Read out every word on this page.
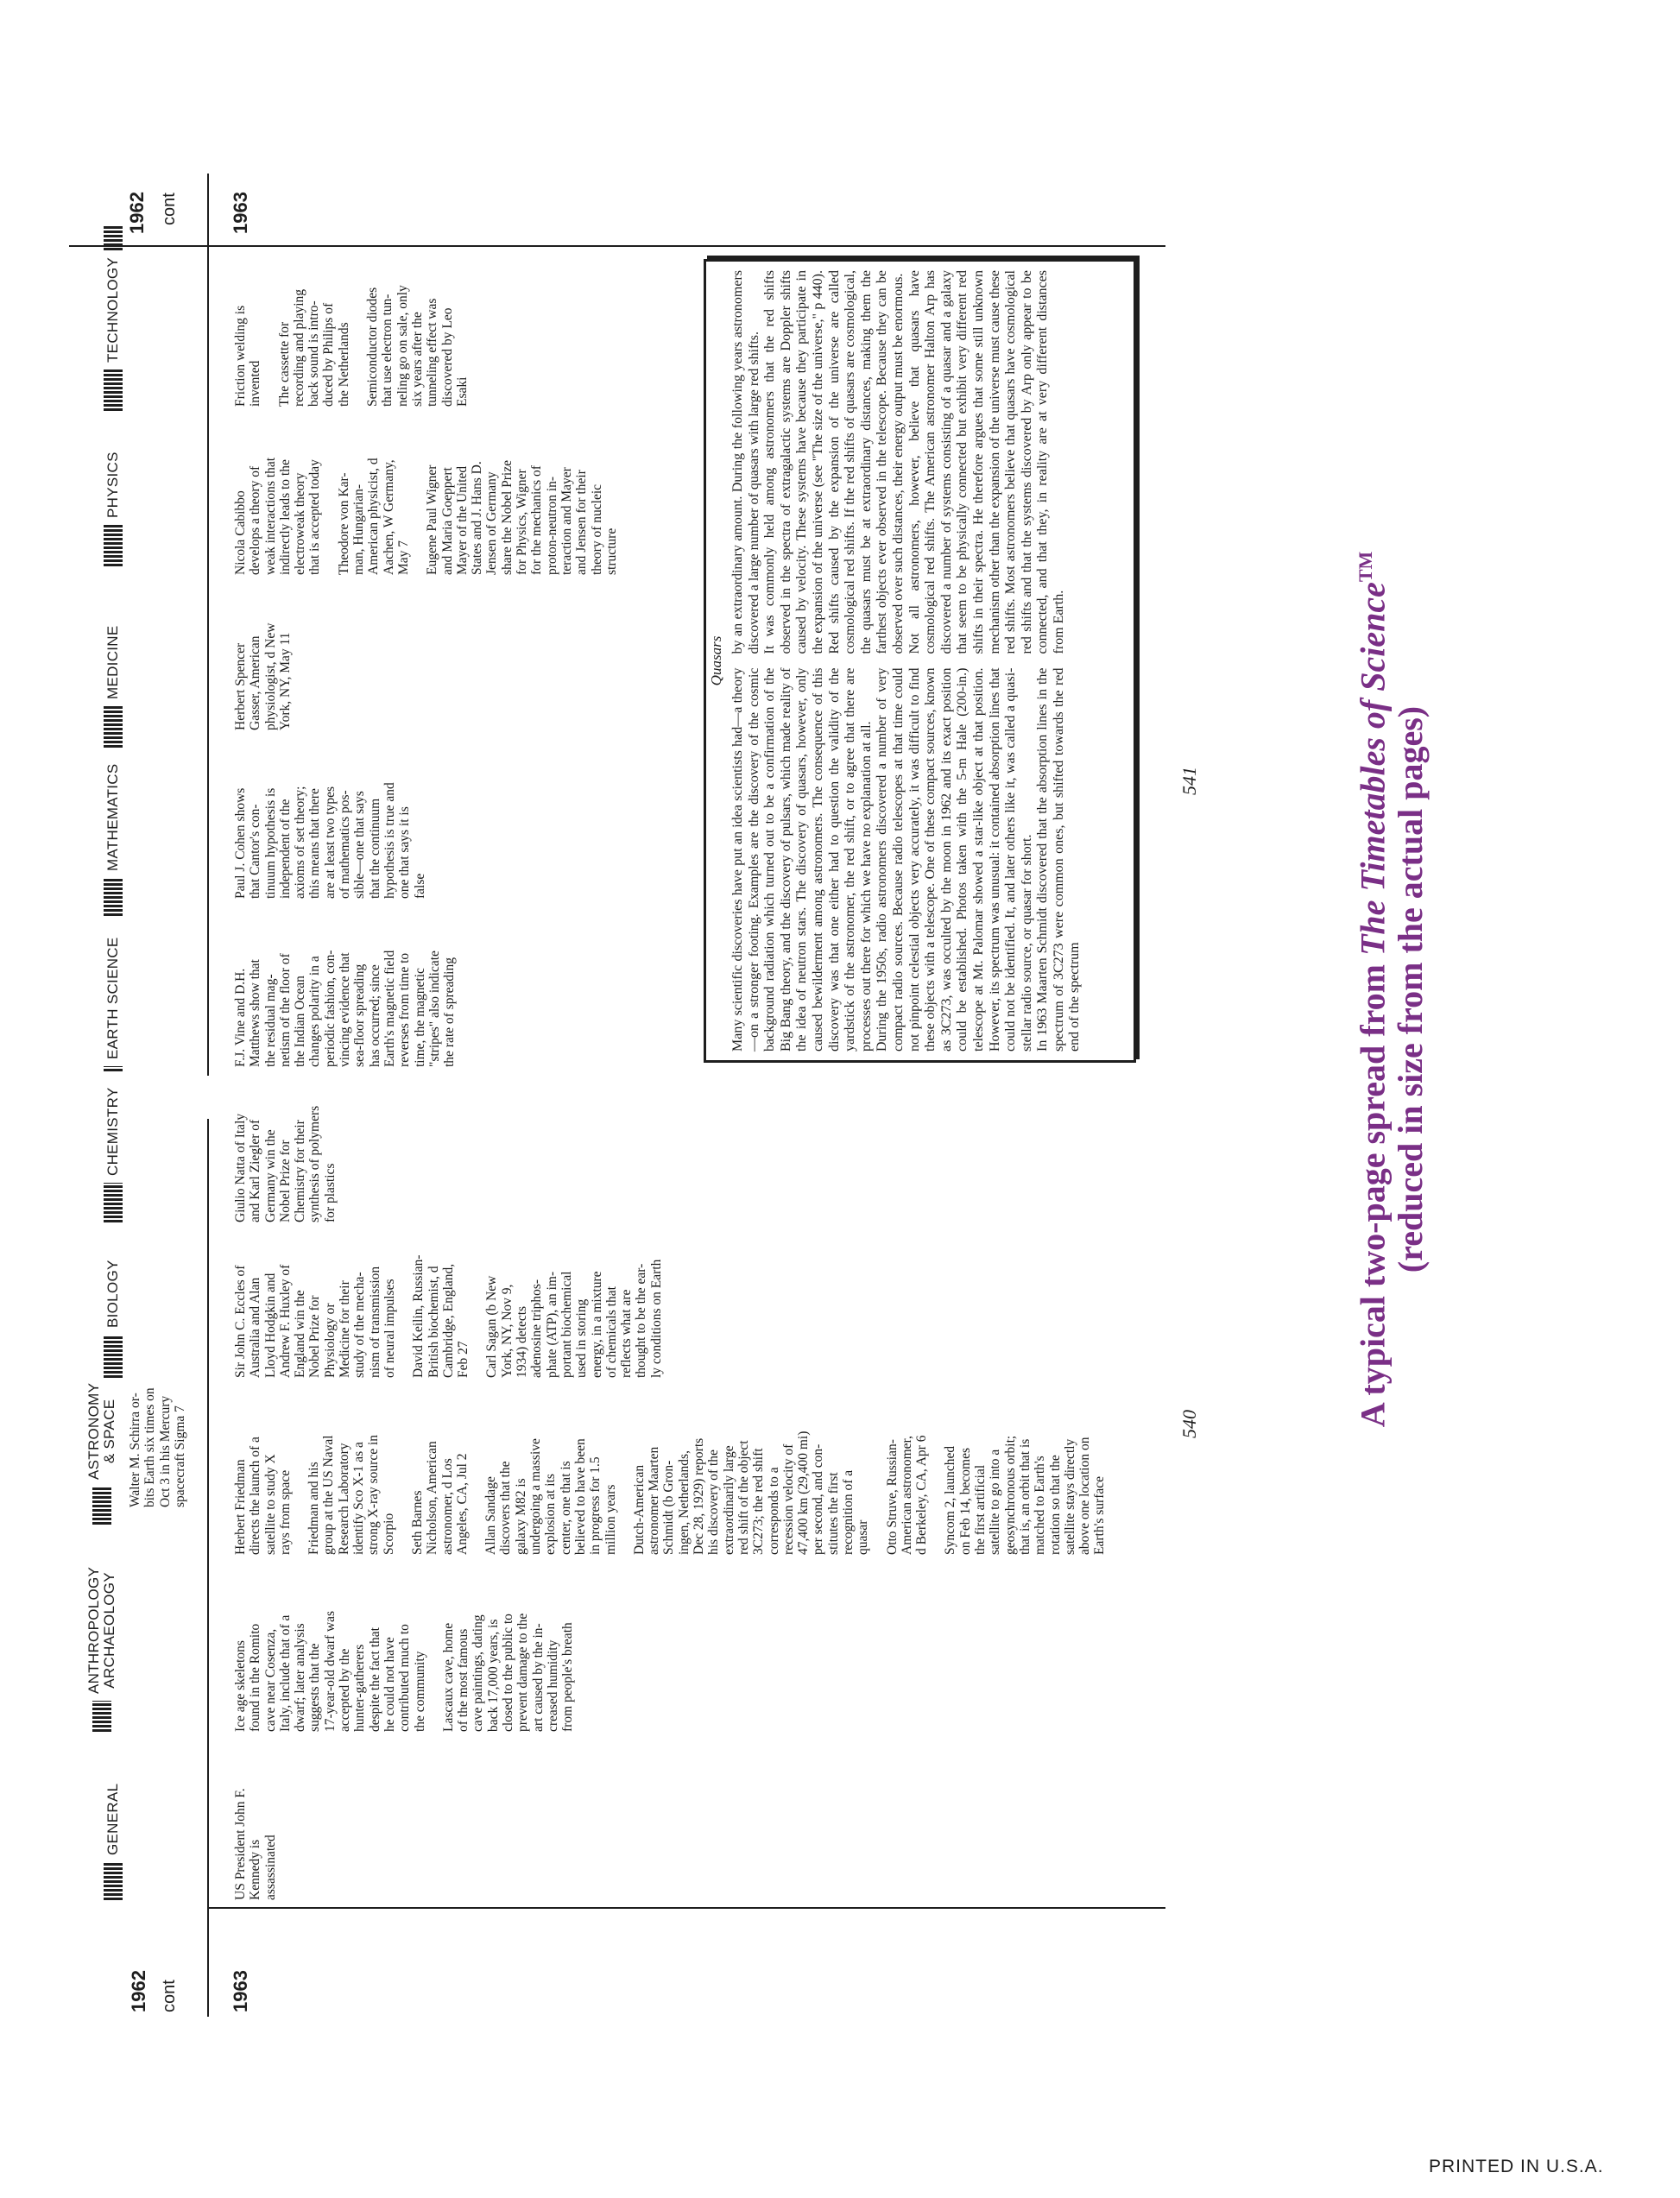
1962 cont	1963
GENERAL
ANTHROPOLOGY
ARCHAEOLOGY
ASTRONOMY
& SPACE
BIOLOGY
CHEMISTRY

Walter M. Schirra or-
bits Earth six times on
Oct 3 in his Mercury
spacecraft Sigma 7

US President John F.
Kennedy is
assassinated

Ice age skeletons
found in the Romito
cave near Cosenza,
Italy, include that of a
dwarf; later analysis
suggests that the
17-year-old dwarf was
accepted by the
hunter-gatherers
despite the fact that
he could not have
contributed much to
the community Lascaux cave, home
of the most famous
cave paintings, dating
back 17,000 years, is
closed to the public to
prevent damage to the
art caused by the in-
creased humidity
from people's breath

Herbert Friedman
directs the launch of a
satellite to study X
rays from space

Friedman and his
group at the US Naval
Research Laboratory
identify Sco X-1 as a
strong X-ray source in
Scorpio Seth Barnes
Nicholson, American
astronomer, d Los
Angeles, CA, Jul 2

Allan Sandage
discovers that the
galaxy M82 is
undergoing a massive
explosion at its
center, one that is
believed to have been
in progress for 1.5
million years Dutch-American
astronomer Maarten
Schmidt (b Gron-
ingen, Netherlands,
Dec 28, 1929) reports
his discovery of the
extraordinarily large
red shift of the object
3C273; the red shift
corresponds to a
recession velocity of
47,400 km (29,400 mi)
per second, and con-
stitutes the first
recognition of a
quasar Otto Struve, Russian-
American astronomer,
d Berkeley, CA, Apr 6

Syncom 2, launched
on Feb 14, becomes
the first artificial
satellite to go into a
geosynchronous orbit;
that is, an orbit that is
matched to Earth's
rotation so that the
satellite stays directly
above one location on
Earth's surface

Sir John C. Eccles of
Australia and Alan
Lloyd Hodgkin and
Andrew F. Huxley of
England win the
Nobel Prize for
Physiology or
Medicine for their
study of the mecha-
nism of transmission
of neural impulses

David Keilin, Russian-
British biochemist, d
Cambridge, England,
Feb 27

Carl Sagan (b New
York, NY, Nov 9,
1934) detects
adenosine triphos-
phate (ATP), an im-
portant biochemical
used in storing
energy, in a mixture
of chemicals that
reflects what are
thought to be the ear-
ly conditions on Earth

Giulio Natta of Italy
and Karl Ziegler of
Germany win the
Nobel Prize for
Chemistry for their
synthesis of polymers
for plastics

540
EARTH SCIENCE
MATHEMATICS
MEDICINE
PHYSICS
TECHNOLOGY
1962 cont	1963

F.J. Vine and D.H.
Matthews show that
the residual mag-
netism of the floor of
the Indian Ocean
changes polarity in a
periodic fashion, con-
vincing evidence that
sea-floor spreading
has occurred; since
Earth's magnetic field
reverses from time to
time, the magnetic
"stripes" also indicate
the rate of spreading

Paul J. Cohen shows
that Cantor's con-
tinuum hypothesis is
independent of the
axioms of set theory;
this means that there
are at least two types
of mathematics pos-
sible—one that says
that the continuum
hypothesis is true and
one that says it is
false

Herbert Spencer
Gasser, American
physiologist, d New
York, NY, May 11

Nicola Cabibbo
develops a theory of
weak interactions that
indirectly leads to the
electroweak theory
that is accepted today

Theodore von Kar-
man, Hungarian-
American physicist, d
Aachen, W Germany,
May 7 Eugene Paul Wigner
and Maria Goeppert
Mayer of the United
States and J. Hans D.
Jensen of Germany
share the Nobel Prize
for Physics, Wigner
for the mechanics of
proton-neutron in-
teraction and Mayer
and Jensen for their
theory of nucleic
structure

Friction welding is
invented The cassette for
recording and playing
back sound is intro-
duced by Philips of
the Netherlands Semiconductor diodes
that use electron tun-
neling go on sale, only
six years after the
tunneling effect was
discovered by Leo
Esaki

Quasars
Many scientific discoveries have put an idea scientists had—a theory—on a stronger footing. Examples are the discovery of the cosmic background radiation which turned out to be a confirmation of the Big Bang theory, and the discovery of pulsars, which made reality of the idea of neutron stars. The discovery of quasars, however, only caused bewilderment among astronomers. The consequence of this discovery was that one either had to question the validity of the yardstick of the astronomer, the red shift, or to agree that there are processes out there for which we have no explanation at all.
During the 1950s, radio astronomers discovered a number of very compact radio sources. Because radio telescopes at that time could not pinpoint celestial objects very accurately, it was difficult to find these objects with a telescope. One of these compact sources, known as 3C273, was occulted by the moon in 1962 and its exact position could be established. Photos taken with the 5-m Hale (200-in.) telescope at Mt. Palomar showed a star-like object at that position. However, its spectrum was unusual: it contained absorption lines that could not be identified. It, and later others like it, was called a quasi-stellar radio source, or quasar for short.
In 1963 Maarten Schmidt discovered that the absorption lines in the spectrum of 3C273 were common ones, but shifted towards the red end of the spectrum
by an extraordinary amount. During the following years astronomers discovered a large number of quasars with large red shifts.
It was commonly held among astronomers that the red shifts observed in the spectra of extragalactic systems are Doppler shifts caused by velocity. These systems have because they participate in the expansion of the universe (see "The size of the universe," p 440). Red shifts caused by the expansion of the universe are called cosmological red shifts. If the red shifts of quasars are cosmological, the quasars must be at extraordinary distances, making them the farthest objects ever observed in the telescope. Because they can be observed over such distances, their energy output must be enormous.
Not all astronomers, however, believe that quasars have cosmological red shifts. The American astronomer Halton Arp has discovered a number of systems consisting of a quasar and a galaxy that seem to be physically connected but exhibit very different red shifts in their spectra. He therefore argues that some still unknown mechanism other than the expansion of the universe must cause these red shifts. Most astronomers believe that quasars have cosmological red shifts and that the systems discovered by Arp only appear to be connected, and that they, in reality are at very different distances from Earth.
541
A typical two-page spread from The Timetables of Science™
(reduced in size from the actual pages)
PRINTED IN U.S.A.
